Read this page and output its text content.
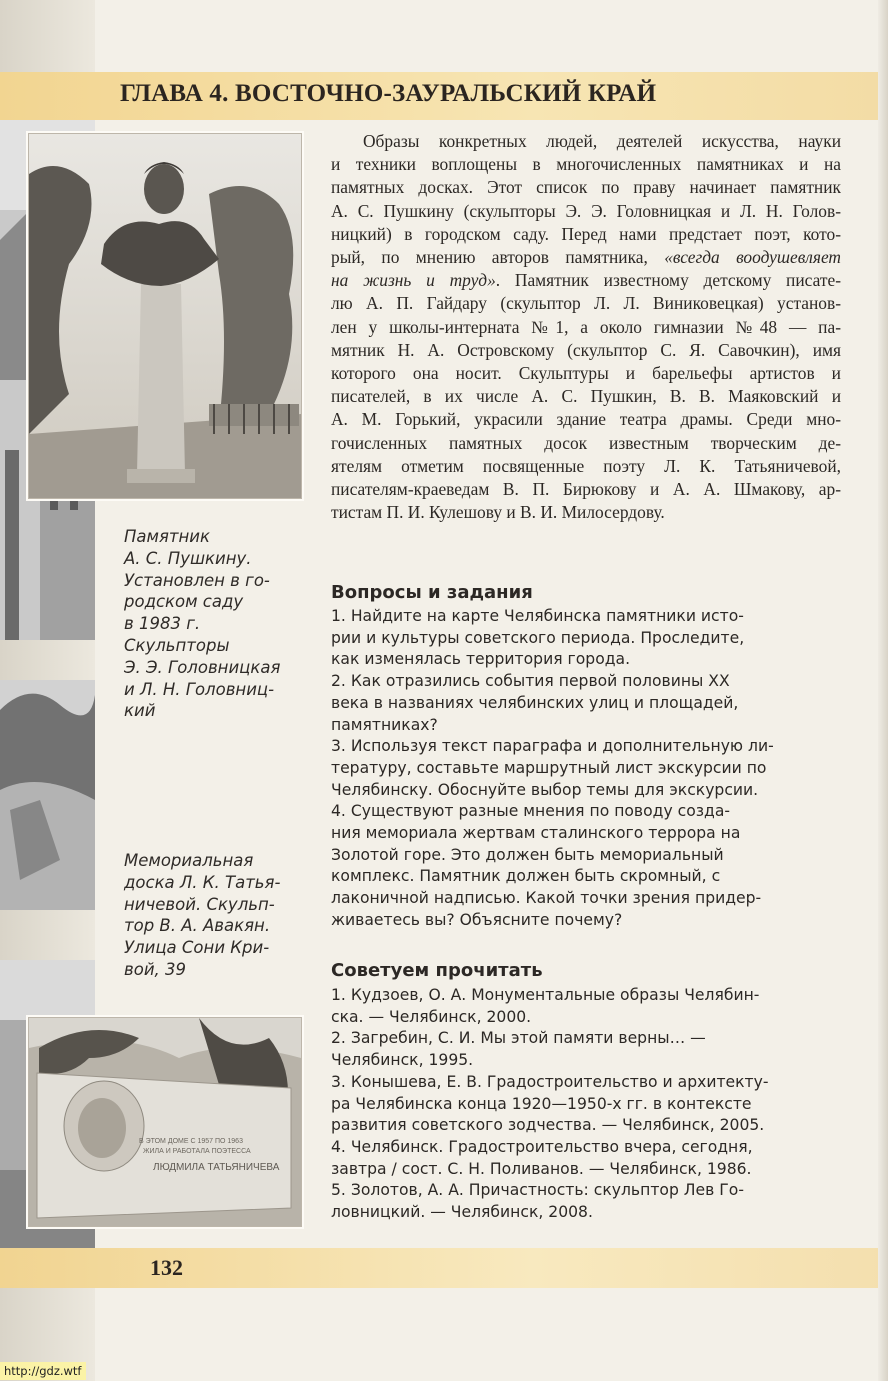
ГЛАВА 4. ВОСТОЧНО-ЗАУРАЛЬСКИЙ КРАЙ
Памятник
А. С. Пушкину.
Установлен в го-
родском саду
в 1983 г.
Скульпторы
Э. Э. Головницкая
и Л. Н. Головниц-
кий
Мемориальная
доска Л. К. Татья-
ничевой. Скульп-
тор В. А. Авакян.
Улица Сони Кри-
вой, 39
В ЭТОМ ДОМЕ С 1957 ПО 1963
ЖИЛА И РАБОТАЛА ПОЭТЕССА
ЛЮДМИЛА ТАТЬЯНИЧЕВА
Образы конкретных людей, деятелей искусства, науки
и техники воплощены в многочисленных памятниках и на
памятных досках. Этот список по праву начинает памятник
А. С. Пушкину (скульпторы Э. Э. Головницкая и Л. Н. Голов-
ницкий) в городском саду. Перед нами предстает поэт, кото-
рый, по мнению авторов памятника, «всегда воодушевляет
на жизнь и труд». Памятник известному детскому писате-
лю А. П. Гайдару (скульптор Л. Л. Виниковецкая) установ-
лен у школы-интерната №1, а около гимназии №48 — па-
мятник Н. А. Островскому (скульптор С. Я. Савочкин), имя
которого она носит. Скульптуры и барельефы артистов и
писателей, в их числе А. С. Пушкин, В. В. Маяковский и
А. М. Горький, украсили здание театра драмы. Среди мно-
гочисленных памятных досок известным творческим де-
ятелям отметим посвященные поэту Л. К. Татьяничевой,
писателям-краеведам В. П. Бирюкову и А. А. Шмакову, ар-
тистам П. И. Кулешову и В. И. Милосердову.
Вопросы и задания
1. Найдите на карте Челябинска памятники исто-
рии и культуры советского периода. Проследите,
как изменялась территория города.
2. Как отразились события первой половины XX
века в названиях челябинских улиц и площадей,
памятниках?
3. Используя текст параграфа и дополнительную ли-
тературу, составьте маршрутный лист экскурсии по
Челябинску. Обоснуйте выбор темы для экскурсии.
4. Существуют разные мнения по поводу созда-
ния мемориала жертвам сталинского террора на
Золотой горе. Это должен быть мемориальный
комплекс. Памятник должен быть скромный, с
лаконичной надписью. Какой точки зрения придер-
живаетесь вы? Объясните почему?
Советуем прочитать
1. Кудзоев, О. А. Монументальные образы Челябин-
ска. — Челябинск, 2000.
2. Загребин, С. И. Мы этой памяти верны… —
Челябинск, 1995.
3. Конышева, Е. В. Градостроительство и архитекту-
ра Челябинска конца 1920—1950-х гг. в контексте
развития советского зодчества. — Челябинск, 2005.
4. Челябинск. Градостроительство вчера, сегодня,
завтра / сост. С. Н. Поливанов. — Челябинск, 1986.
5. Золотов, А. А. Причастность: скульптор Лев Го-
ловницкий. — Челябинск, 2008.
132
http://gdz.wtf
